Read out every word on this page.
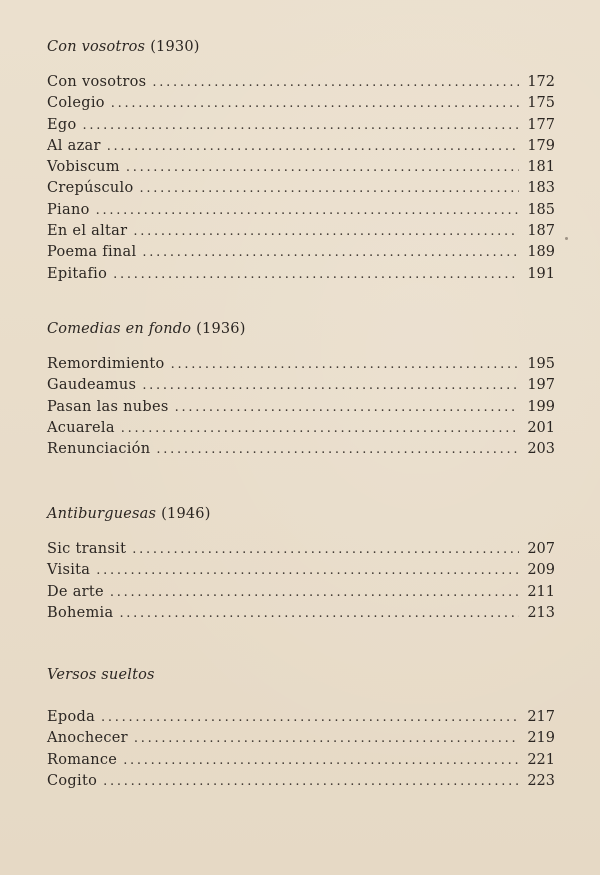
Con vosotros (1930)
Con vosotros . . .	172
Colegio . . .	175
Ego . . .	177
Al azar . . .	179
Vobiscum . . .	181
Crepúsculo . . .	183
Piano . . .	185
En el altar . . .	187
Poema final . . .	189
Epitafio . . .	191
Comedias en fondo (1936)
Remordimiento . . .	195
Gaudeamus . . .	197
Pasan las nubes . . .	199
Acuarela . . .	201
Renunciación . . .	203
Antiburguesas (1946)
Sic transit . . .	207
Visita . . .	209
De arte . . .	211
Bohemia . . .	213
Versos sueltos
Epoda . . .	217
Anochecer . . .	219
Romance . . .	221
Cogito . . .	223
